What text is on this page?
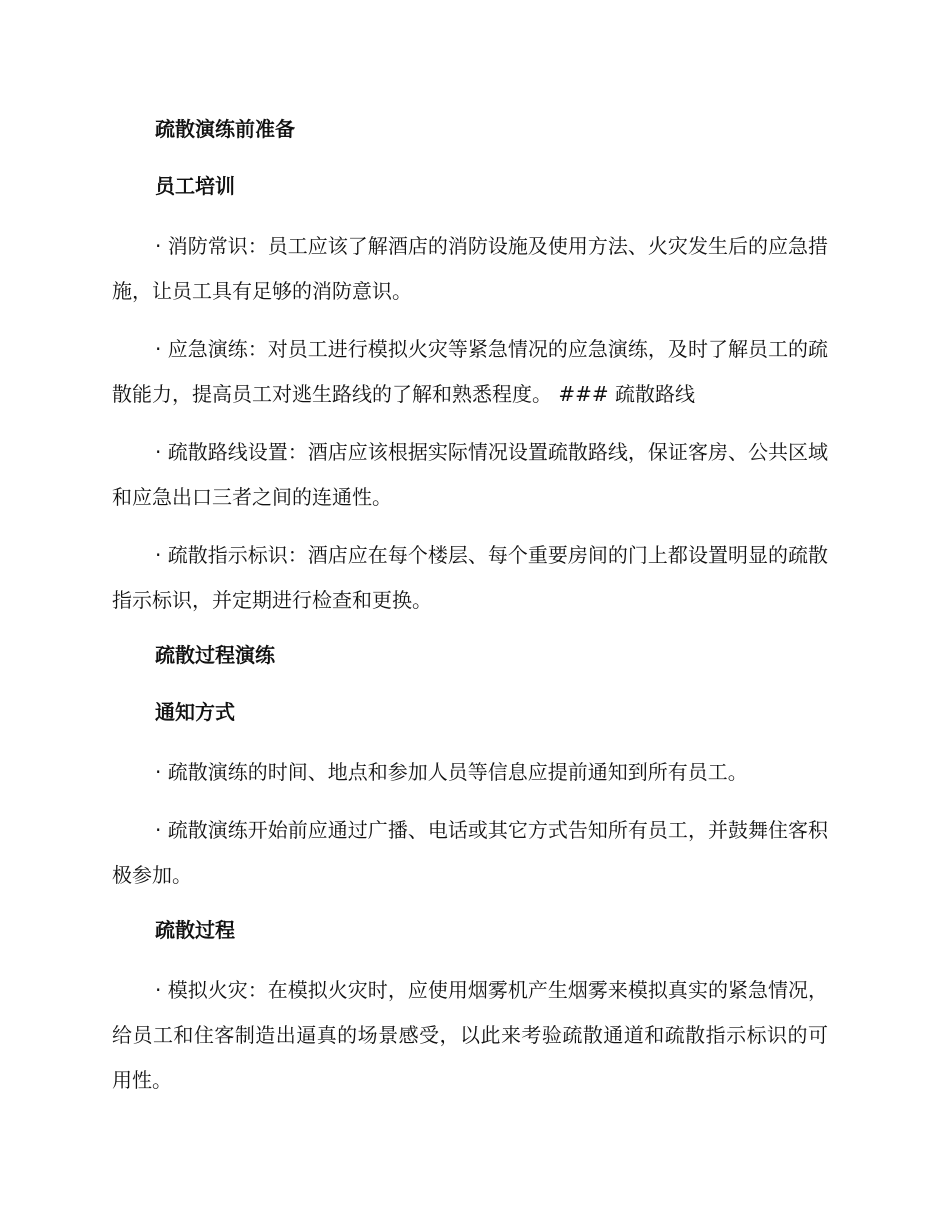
疏散演练前准备
员工培训
· 消防常识：员工应该了解酒店的消防设施及使用方法、火灾发生后的应急措施，让员工具有足够的消防意识。
· 应急演练：对员工进行模拟火灾等紧急情况的应急演练，及时了解员工的疏散能力，提高员工对逃生路线的了解和熟悉程度。 ### 疏散路线
· 疏散路线设置：酒店应该根据实际情况设置疏散路线，保证客房、公共区域和应急出口三者之间的连通性。
· 疏散指示标识：酒店应在每个楼层、每个重要房间的门上都设置明显的疏散指示标识，并定期进行检查和更换。
疏散过程演练
通知方式
· 疏散演练的时间、地点和参加人员等信息应提前通知到所有员工。
· 疏散演练开始前应通过广播、电话或其它方式告知所有员工，并鼓舞住客积极参加。
疏散过程
· 模拟火灾：在模拟火灾时，应使用烟雾机产生烟雾来模拟真实的紧急情况，给员工和住客制造出逼真的场景感受，以此来考验疏散通道和疏散指示标识的可用性。
